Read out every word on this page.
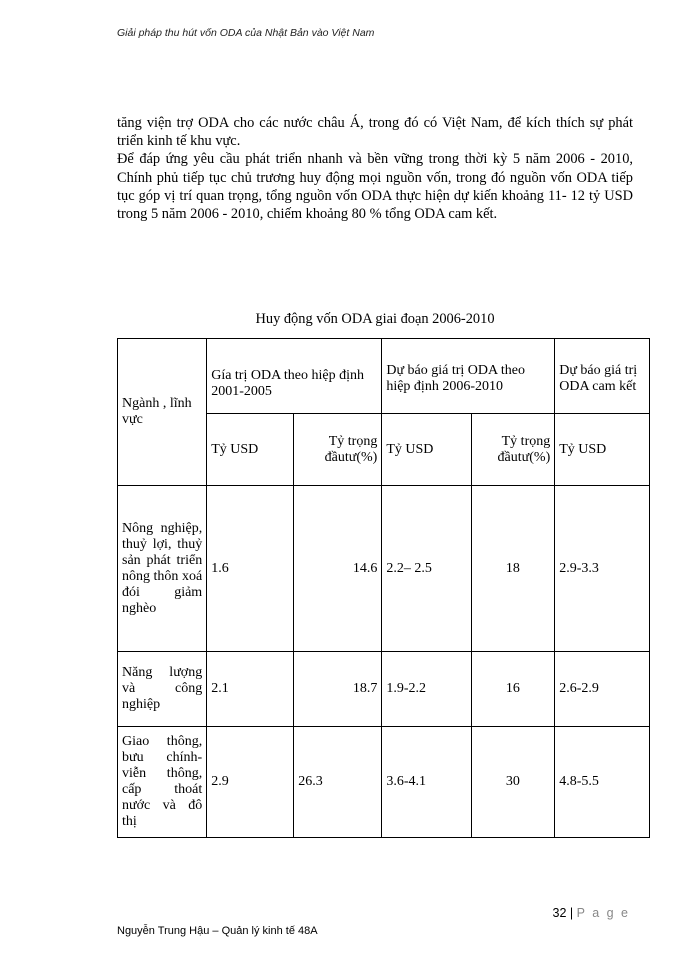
Giải pháp thu hút vốn ODA của Nhật Bản vào Việt Nam

tăng viện trợ ODA cho các nước châu Á, trong đó có Việt Nam, để kích thích sự phát triển kinh tế khu vực.

Để đáp ứng yêu cầu phát triển nhanh và bền vững trong thời kỳ 5 năm 2006 - 2010, Chính phủ tiếp tục chủ trương huy động mọi nguồn vốn, trong đó nguồn vốn ODA tiếp tục góp vị trí quan trọng, tổng nguồn vốn ODA thực hiện dự kiến khoảng 11- 12 tỷ USD trong 5 năm 2006 - 2010, chiếm khoảng 80 % tổng ODA cam kết.

Huy động vốn ODA giai đoạn 2006-2010
Ngành , lĩnh vực	Gía trị ODA theo hiệp định 2001-2005		Dự báo giá trị ODA theo hiệp định 2006-2010		Dự báo giá trị ODA cam kết
	Tỷ USD	Tỷ trọng đầutư(%)	Tỷ USD	Tỷ trọng đầutư(%)	Tỷ USD
Nông nghiệp, thuỷ lợi, thuỷ sản phát triển nông thôn xoá đói giảm nghèo	1.6	14.6	2.2– 2.5	18	2.9-3.3
Năng lượng và công nghiệp	2.1	18.7	1.9-2.2	16	2.6-2.9
Giao thông, bưu chính-viễn thông, cấp thoát nước và đô thị	2.9	26.3	3.6-4.1	30	4.8-5.5
32 | P a g e
Nguyễn Trung Hậu – Quản lý kinh tế 48A
